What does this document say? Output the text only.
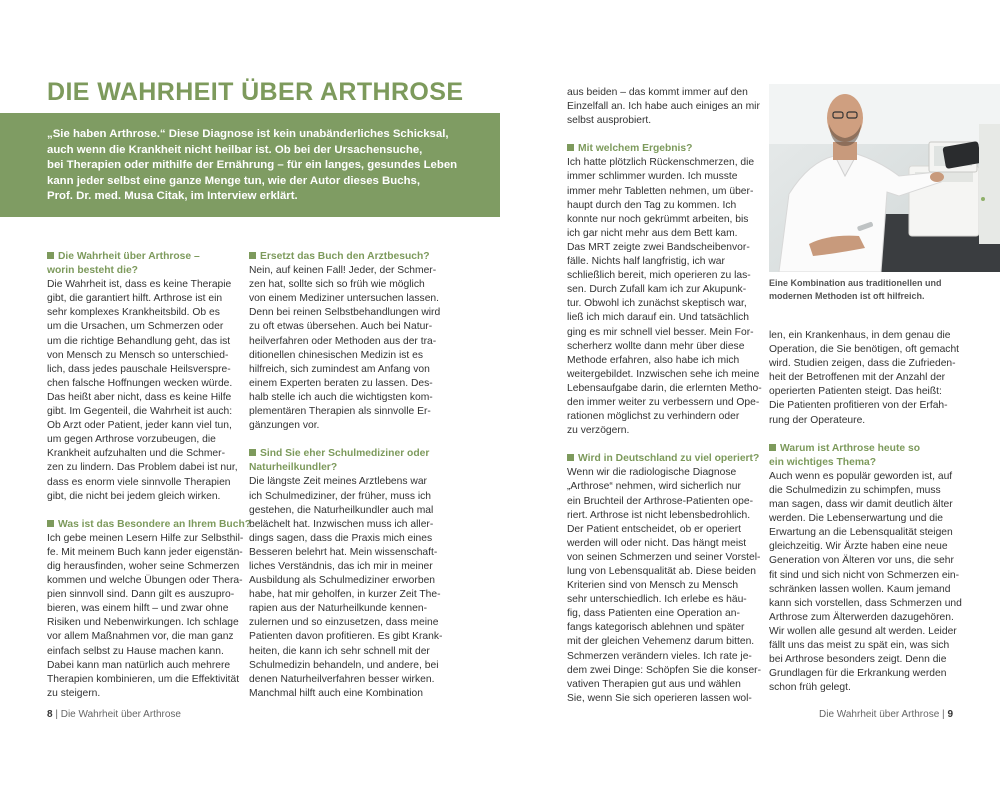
DIE WAHRHEIT ÜBER ARTHROSE

„Sie haben Arthrose.“ Diese Diagnose ist kein unabänderliches Schicksal,

auch wenn die Krankheit nicht heilbar ist. Ob bei der Ursachensuche,

bei Therapien oder mithilfe der Ernährung – für ein langes, gesundes Leben

kann jeder selbst eine ganze Menge tun, wie der Autor dieses Buchs,

Prof. Dr. med. Musa Citak, im Interview erklärt.

Die Wahrheit über Arthrose –

worin besteht die?

Die Wahrheit ist, dass es keine Therapie

gibt, die garantiert hilft. Arthrose ist ein

sehr komplexes Krankheitsbild. Ob es

um die Ursachen, um Schmerzen oder

um die richtige Behandlung geht, das ist

von Mensch zu Mensch so unterschied-

lich, dass jedes pauschale Heilsverspre-

chen falsche Hoffnungen wecken würde.

Das heißt aber nicht, dass es keine Hilfe

gibt. Im Gegenteil, die Wahrheit ist auch:

Ob Arzt oder Patient, jeder kann viel tun,

um gegen Arthrose vorzubeugen, die

Krankheit aufzuhalten und die Schmer-

zen zu lindern. Das Problem dabei ist nur,

dass es enorm viele sinnvolle Therapien

gibt, die nicht bei jedem gleich wirken.

Was ist das Besondere an Ihrem Buch?

Ich gebe meinen Lesern Hilfe zur Selbsthil-

fe. Mit meinem Buch kann jeder eigenstän-

dig herausfinden, woher seine Schmerzen

kommen und welche Übungen oder Thera-

pien sinnvoll sind. Dann gilt es auszupro-

bieren, was einem hilft – und zwar ohne

Risiken und Nebenwirkungen. Ich schlage

vor allem Maßnahmen vor, die man ganz

einfach selbst zu Hause machen kann.

Dabei kann man natürlich auch mehrere

Therapien kombinieren, um die Effektivität

zu steigern.

Ersetzt das Buch den Arztbesuch?

Nein, auf keinen Fall! Jeder, der Schmer-

zen hat, sollte sich so früh wie möglich

von einem Mediziner untersuchen lassen.

Denn bei reinen Selbstbehandlungen wird

zu oft etwas übersehen. Auch bei Natur-

heilverfahren oder Methoden aus der tra-

ditionellen chinesischen Medizin ist es

hilfreich, sich zumindest am Anfang von

einem Experten beraten zu lassen. Des-

halb stelle ich auch die wichtigsten kom-

plementären Therapien als sinnvolle Er-

gänzungen vor.

Sind Sie eher Schulmediziner oder

Naturheilkundler?

Die längste Zeit meines Arztlebens war

ich Schulmediziner, der früher, muss ich

gestehen, die Naturheilkundler auch mal

belächelt hat. Inzwischen muss ich aller-

dings sagen, dass die Praxis mich eines

Besseren belehrt hat. Mein wissenschaft-

liches Verständnis, das ich mir in meiner

Ausbildung als Schulmediziner erworben

habe, hat mir geholfen, in kurzer Zeit The-

rapien aus der Naturheilkunde kennen-

zulernen und so einzusetzen, dass meine

Patienten davon profitieren. Es gibt Krank-

heiten, die kann ich sehr schnell mit der

Schulmedizin behandeln, und andere, bei

denen Naturheilverfahren besser wirken.

Manchmal hilft auch eine Kombination

8 | Die Wahrheit über Arthrose

aus beiden – das kommt immer auf den

Einzelfall an. Ich habe auch einiges an mir

selbst ausprobiert.

Mit welchem Ergebnis?

Ich hatte plötzlich Rückenschmerzen, die

immer schlimmer wurden. Ich musste

immer mehr Tabletten nehmen, um über-

haupt durch den Tag zu kommen. Ich

konnte nur noch gekrümmt arbeiten, bis

ich gar nicht mehr aus dem Bett kam.

Das MRT zeigte zwei Bandscheibenvor-

fälle. Nichts half langfristig, ich war

schließlich bereit, mich operieren zu las-

sen. Durch Zufall kam ich zur Akupunk-

tur. Obwohl ich zunächst skeptisch war,

ließ ich mich darauf ein. Und tatsächlich

ging es mir schnell viel besser. Mein For-

scherherz wollte dann mehr über diese

Methode erfahren, also habe ich mich

weitergebildet. Inzwischen sehe ich meine

Lebensaufgabe darin, die erlernten Metho-

den immer weiter zu verbessern und Ope-

rationen möglichst zu verhindern oder

zu verzögern.

Wird in Deutschland zu viel operiert?

Wenn wir die radiologische Diagnose

„Arthrose“ nehmen, wird sicherlich nur

ein Bruchteil der Arthrose-Patienten ope-

riert. Arthrose ist nicht lebensbedrohlich.

Der Patient entscheidet, ob er operiert

werden will oder nicht. Das hängt meist

von seinen Schmerzen und seiner Vorstel-

lung von Lebensqualität ab. Diese beiden

Kriterien sind von Mensch zu Mensch

sehr unterschiedlich. Ich erlebe es häu-

fig, dass Patienten eine Operation an-

fangs kategorisch ablehnen und später

mit der gleichen Vehemenz darum bitten.

Schmerzen verändern vieles. Ich rate je-

dem zwei Dinge: Schöpfen Sie die konser-

vativen Therapien gut aus und wählen

Sie, wenn Sie sich operieren lassen wol-

Eine Kombination aus traditionellen und

modernen Methoden ist oft hilfreich.

len, ein Krankenhaus, in dem genau die

Operation, die Sie benötigen, oft gemacht

wird. Studien zeigen, dass die Zufrieden-

heit der Betroffenen mit der Anzahl der

operierten Patienten steigt. Das heißt:

Die Patienten profitieren von der Erfah-

rung der Operateure.

Warum ist Arthrose heute so

ein wichtiges Thema?

Auch wenn es populär geworden ist, auf

die Schulmedizin zu schimpfen, muss

man sagen, dass wir damit deutlich älter

werden. Die Lebenserwartung und die

Erwartung an die Lebensqualität steigen

gleichzeitig. Wir Ärzte haben eine neue

Generation von Älteren vor uns, die sehr

fit sind und sich nicht von Schmerzen ein-

schränken lassen wollen. Kaum jemand

kann sich vorstellen, dass Schmerzen und

Arthrose zum Älterwerden dazugehören.

Wir wollen alle gesund alt werden. Leider

fällt uns das meist zu spät ein, was sich

bei Arthrose besonders zeigt. Denn die

Grundlagen für die Erkrankung werden

schon früh gelegt.

Die Wahrheit über Arthrose | 9
